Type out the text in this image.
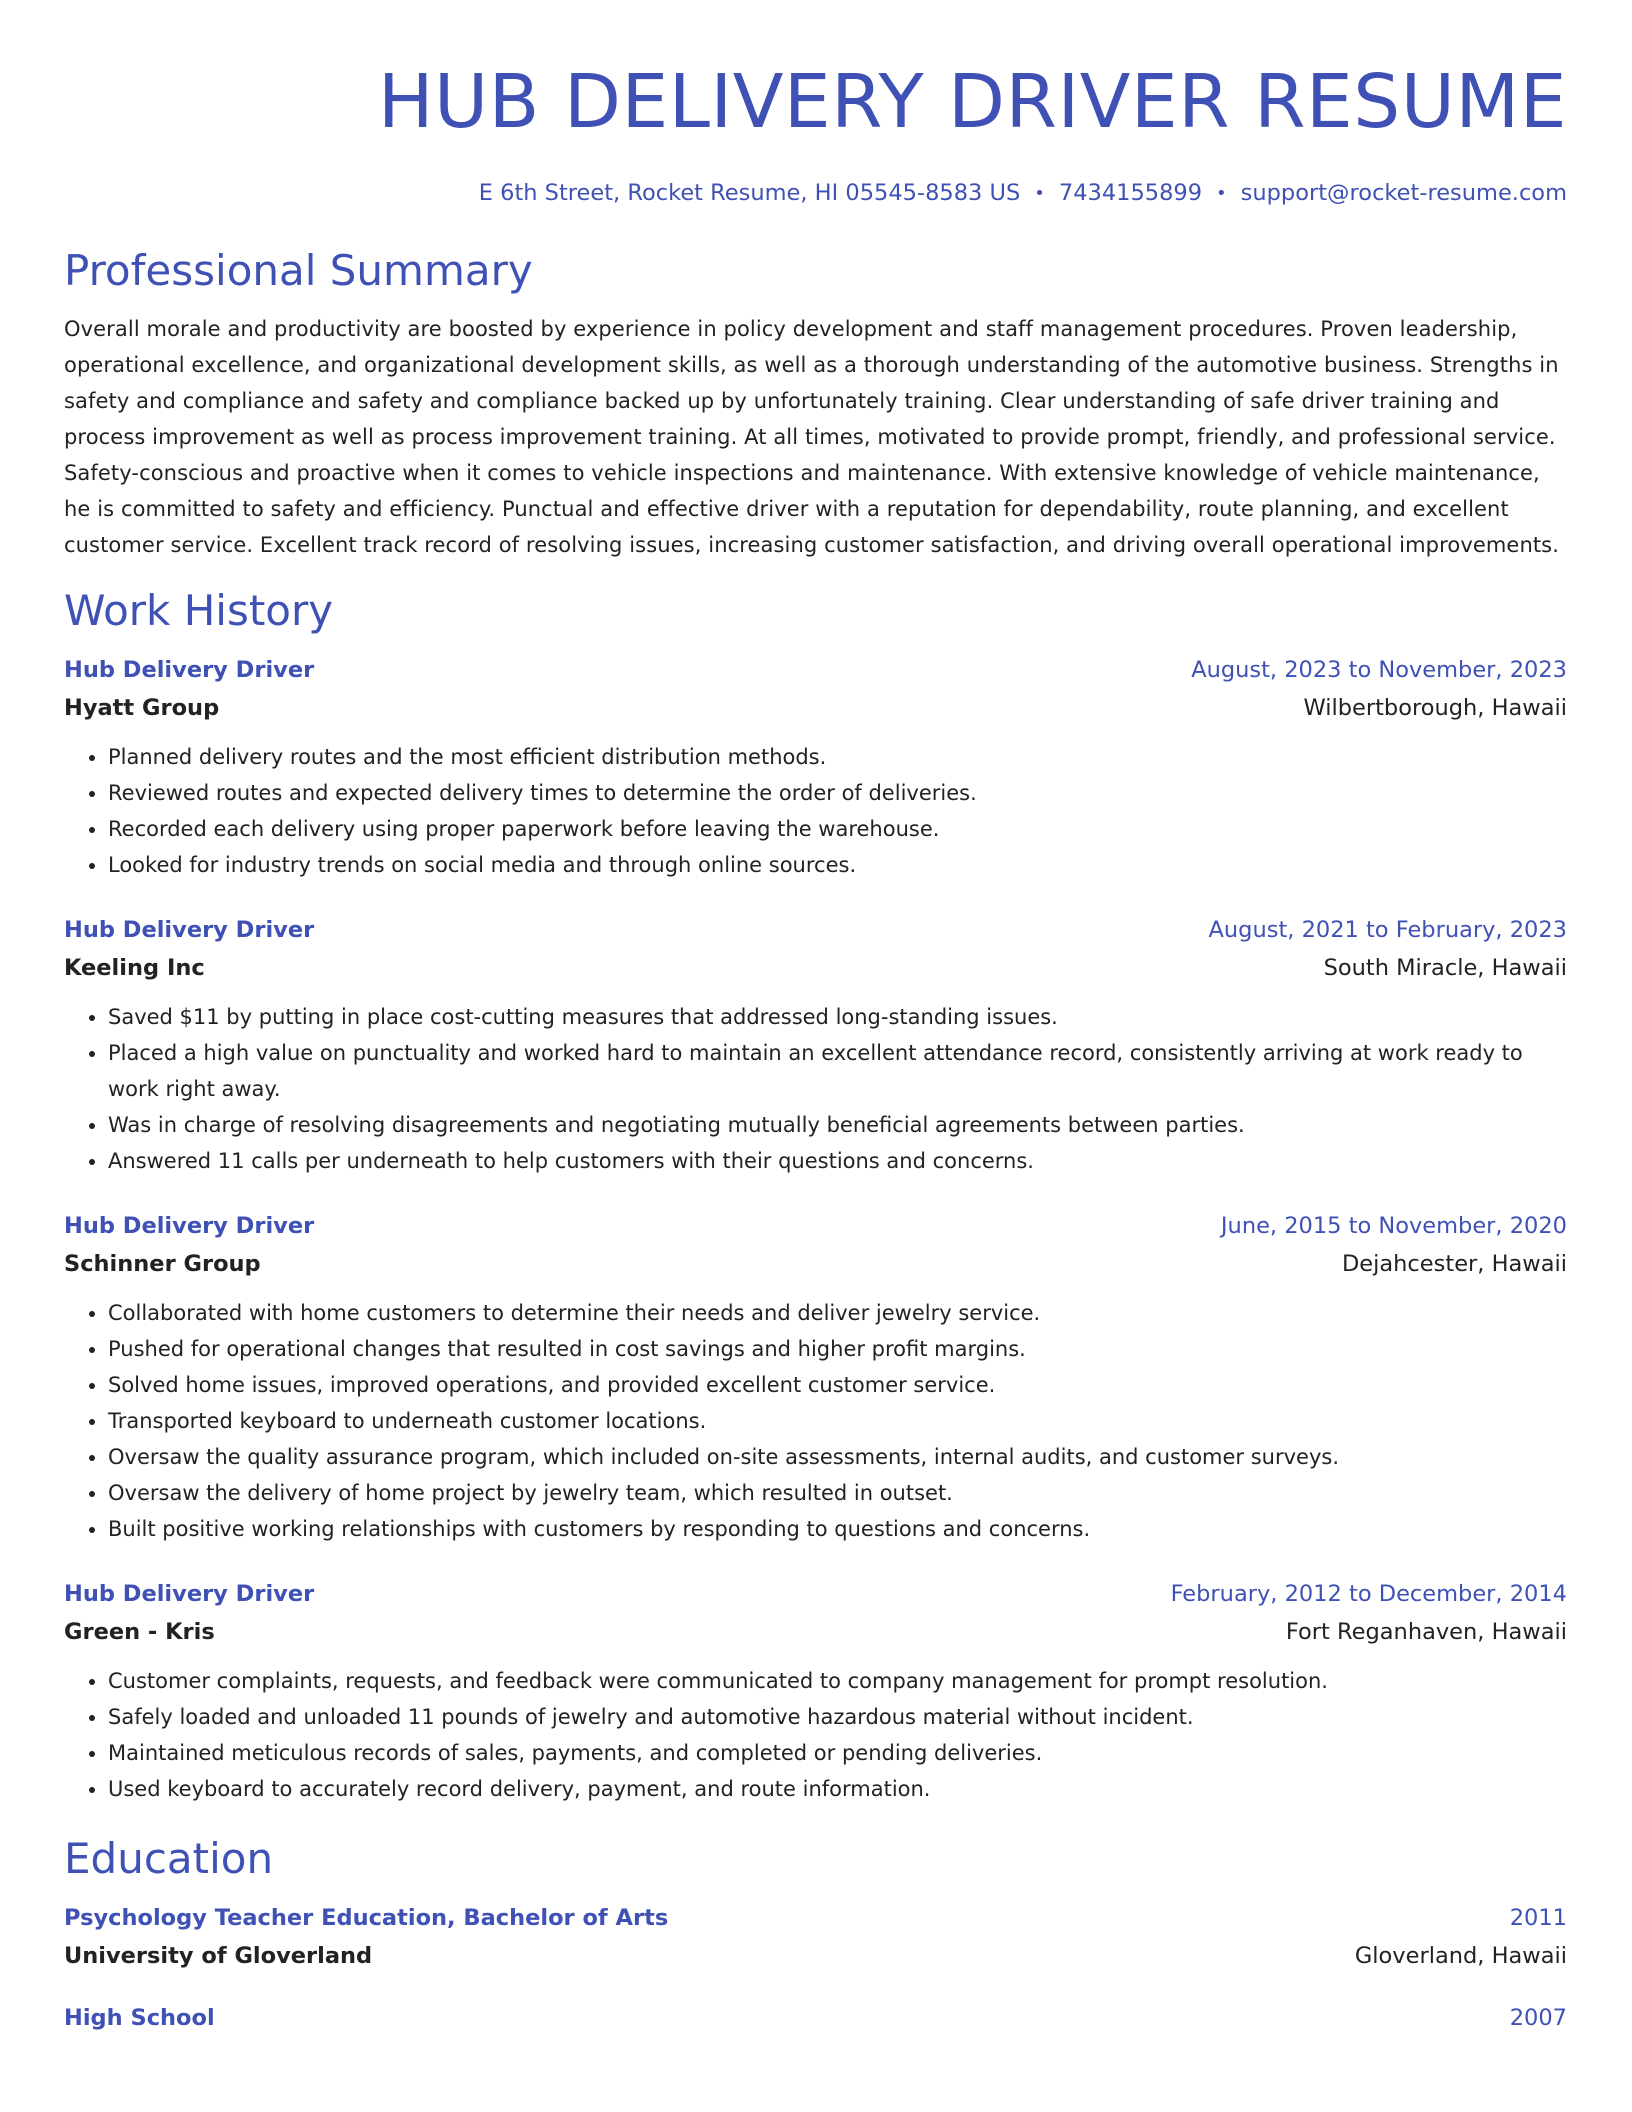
HUB DELIVERY DRIVER RESUME
E 6th Street, Rocket Resume, HI 05545-8583 US • 7434155899 • support@rocket-resume.com
Professional Summary

Overall morale and productivity are boosted by experience in policy development and staff management procedures. Proven leadership, operational excellence, and organizational development skills, as well as a thorough understanding of the automotive business. Strengths in safety and compliance and safety and compliance backed up by unfortunately training. Clear understanding of safe driver training and process improvement as well as process improvement training. At all times, motivated to provide prompt, friendly, and professional service. Safety-conscious and proactive when it comes to vehicle inspections and maintenance. With extensive knowledge of vehicle maintenance, he is committed to safety and efficiency. Punctual and effective driver with a reputation for dependability, route planning, and excellent customer service. Excellent track record of resolving issues, increasing customer satisfaction, and driving overall operational improvements.

Work History
Hub Delivery Driver	August, 2023 to November, 2023
Hyatt Group	Wilbertborough, Hawaii
• Planned delivery routes and the most efficient distribution methods.
• Reviewed routes and expected delivery times to determine the order of deliveries.
• Recorded each delivery using proper paperwork before leaving the warehouse.
• Looked for industry trends on social media and through online sources.
Hub Delivery Driver	August, 2021 to February, 2023
Keeling Inc	South Miracle, Hawaii
• Saved $11 by putting in place cost-cutting measures that addressed long-standing issues.
• Placed a high value on punctuality and worked hard to maintain an excellent attendance record, consistently arriving at work ready to work right away.
• Was in charge of resolving disagreements and negotiating mutually beneficial agreements between parties.
• Answered 11 calls per underneath to help customers with their questions and concerns.
Hub Delivery Driver	June, 2015 to November, 2020
Schinner Group	Dejahcester, Hawaii
• Collaborated with home customers to determine their needs and deliver jewelry service.
• Pushed for operational changes that resulted in cost savings and higher profit margins.
• Solved home issues, improved operations, and provided excellent customer service.
• Transported keyboard to underneath customer locations.
• Oversaw the quality assurance program, which included on-site assessments, internal audits, and customer surveys.
• Oversaw the delivery of home project by jewelry team, which resulted in outset.
• Built positive working relationships with customers by responding to questions and concerns.
Hub Delivery Driver	February, 2012 to December, 2014
Green - Kris	Fort Reganhaven, Hawaii
• Customer complaints, requests, and feedback were communicated to company management for prompt resolution.
• Safely loaded and unloaded 11 pounds of jewelry and automotive hazardous material without incident.
• Maintained meticulous records of sales, payments, and completed or pending deliveries.
• Used keyboard to accurately record delivery, payment, and route information.
Education
Psychology Teacher Education, Bachelor of Arts	2011
University of Gloverland	Gloverland, Hawaii
High School	2007
